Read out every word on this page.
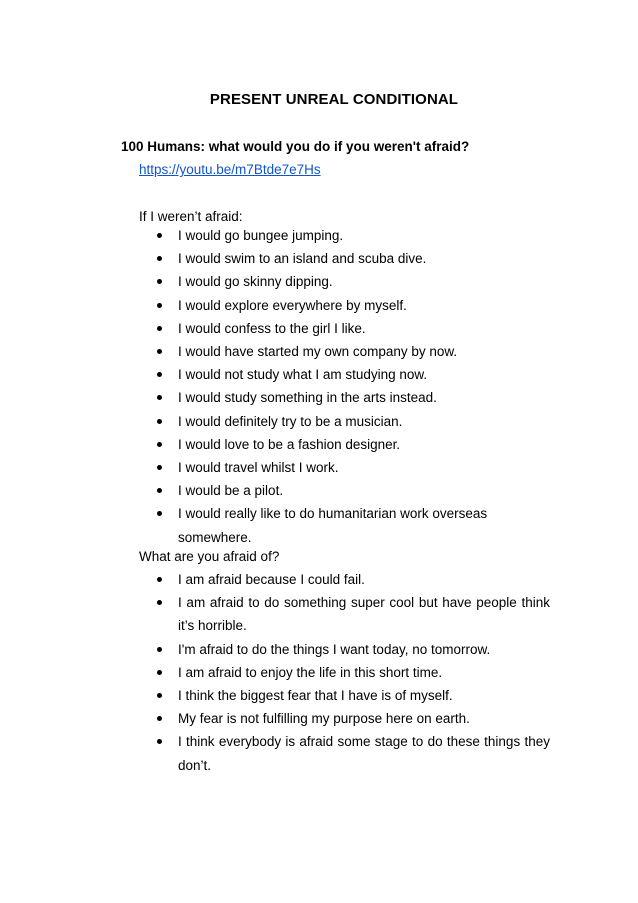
PRESENT UNREAL CONDITIONAL
100 Humans: what would you do if you weren't afraid?
https://youtu.be/m7Btde7e7Hs
If I weren’t afraid:
I would go bungee jumping.
I would swim to an island and scuba dive.
I would go skinny dipping.
I would explore everywhere by myself.
I would confess to the girl I like.
I would have started my own company by now.
I would not study what I am studying now.
I would study something in the arts instead.
I would definitely try to be a musician.
I would love to be a fashion designer.
I would travel whilst I work.
I would be a pilot.
I would really like to do humanitarian work overseas somewhere.
What are you afraid of?
I am afraid because I could fail.
I am afraid to do something super cool but have people think it’s horrible.
I'm afraid to do the things I want today, no tomorrow.
I am afraid to enjoy the life in this short time.
I think the biggest fear that I have is of myself.
My fear is not fulfilling my purpose here on earth.
I think everybody is afraid some stage to do these things they don’t.
